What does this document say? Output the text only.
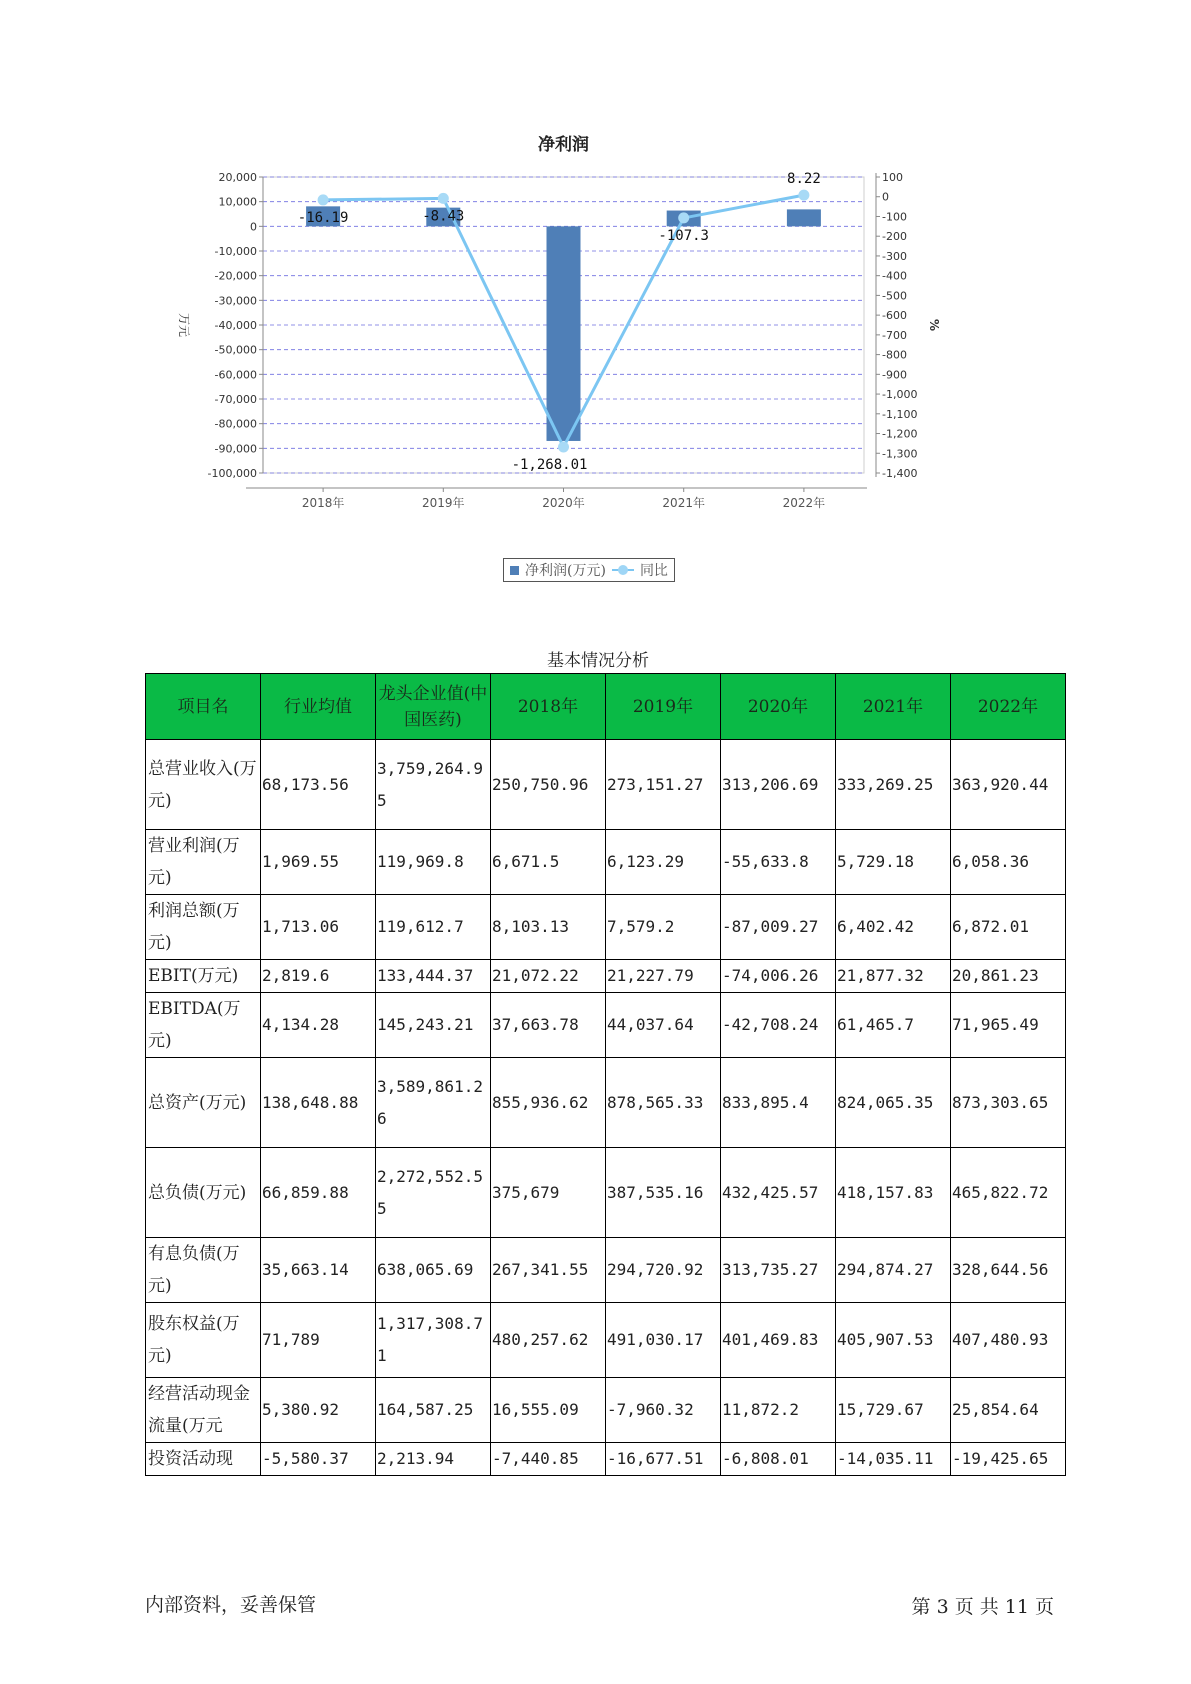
净利润
20,000
10,000
0
-10,000
-20,000
-30,000
-40,000
-50,000
-60,000
-70,000
-80,000
-90,000
-100,000
100
0
-100
-200
-300
-400
-500
-600
-700
-800
-900
-1,000
-1,100
-1,200
-1,300
-1,400
万元	%
2018年	2019年	2020年	2021年	2022年
-16.19	-8.43
-1,268.01
-107.3
8.22
净利润(万元) 同比
基本情况分析
项目名	行业均值	龙头企业值(中国医药)	2018年	2019年	2020年	2021年	2022年
总营业收入(万元)	68,173.56	3,759,264.95	250,750.96	273,151.27	313,206.69	333,269.25	363,920.44
营业利润(万元)	1,969.55	119,969.8	6,671.5	6,123.29	-55,633.8	5,729.18	6,058.36
利润总额(万元)	1,713.06	119,612.7	8,103.13	7,579.2	-87,009.27	6,402.42	6,872.01
EBIT(万元)	2,819.6	133,444.37	21,072.22	21,227.79	-74,006.26	21,877.32	20,861.23
EBITDA(万元)	4,134.28	145,243.21	37,663.78	44,037.64	-42,708.24	61,465.7	71,965.49
总资产(万元)	138,648.88	3,589,861.26	855,936.62	878,565.33	833,895.4	824,065.35	873,303.65
总负债(万元)	66,859.88	2,272,552.55	375,679	387,535.16	432,425.57	418,157.83	465,822.72
有息负债(万元)	35,663.14	638,065.69	267,341.55	294,720.92	313,735.27	294,874.27	328,644.56
股东权益(万元)	71,789	1,317,308.71	480,257.62	491,030.17	401,469.83	405,907.53	407,480.93
经营活动现金流量(万元	5,380.92	164,587.25	16,555.09	-7,960.32	11,872.2	15,729.67	25,854.64
投资活动现	-5,580.37	2,213.94	-7,440.85	-16,677.51	-6,808.01	-14,035.11	-19,425.65
内部资料，妥善保管	第 3 页 共 11 页
